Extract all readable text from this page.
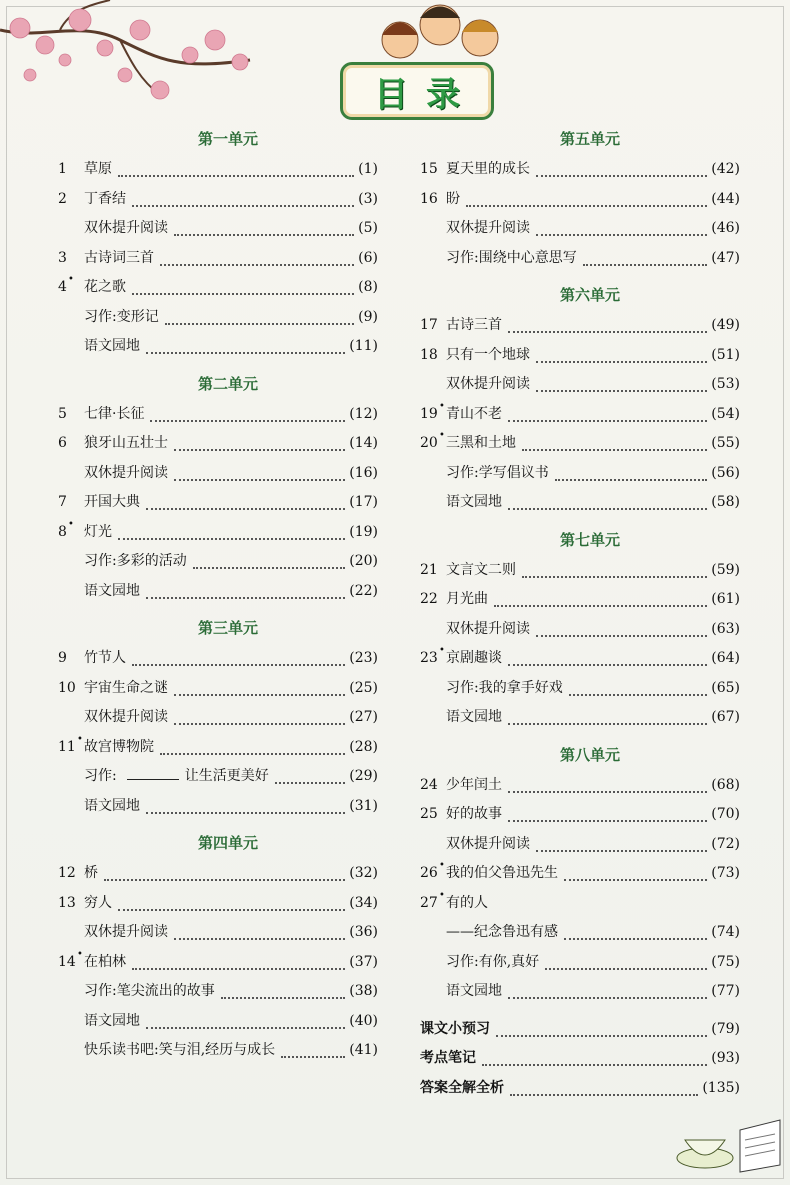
目录
第一单元
1	草原	(1)
2	丁香结	(3)
双休提升阅读	(5)
3	古诗词三首	(6)
4 • 花之歌	(8)
习作:变形记	(9)
语文园地	(11)
第二单元
5	七律·长征	(12)
6	狼牙山五壮士	(14)
双休提升阅读	(16)
7	开国大典	(17)
8 • 灯光	(19)
习作:多彩的活动	(20)
语文园地	(22)
第三单元
9	竹节人	(23)
10 宇宙生命之谜	(25)
双休提升阅读	(27)
11 • 故宫博物院	(28)
习作:	让生活更美好	(29)
语文园地	(31)
第四单元
12 桥	(32)
13 穷人	(34)
双休提升阅读	(36)
14 • 在柏林	(37)
习作:笔尖流出的故事	(38)
语文园地	(40)
快乐读书吧:笑与泪,经历与成长	(41)
第五单元
15 夏天里的成长	(42)
16 盼	(44)
双休提升阅读	(46)
习作:围绕中心意思写	(47)
第六单元
17 古诗三首	(49)
18 只有一个地球	(51)
双休提升阅读	(53)
19 • 青山不老	(54)
20 • 三黑和土地	(55)
习作:学写倡议书	(56)
语文园地	(58)
第七单元
21 文言文二则	(59)
22 月光曲	(61)
双休提升阅读	(63)
23 • 京剧趣谈	(64)
习作:我的拿手好戏	(65)
语文园地	(67)
第八单元
24 少年闰土	(68)
25 好的故事	(70)
双休提升阅读	(72)
26 • 我的伯父鲁迅先生	(73)
27 • 有的人
——纪念鲁迅有感	(74)
习作:有你,真好	(75)
语文园地	(77)
课文小预习	(79)
考点笔记	(93)
答案全解全析	(135)
